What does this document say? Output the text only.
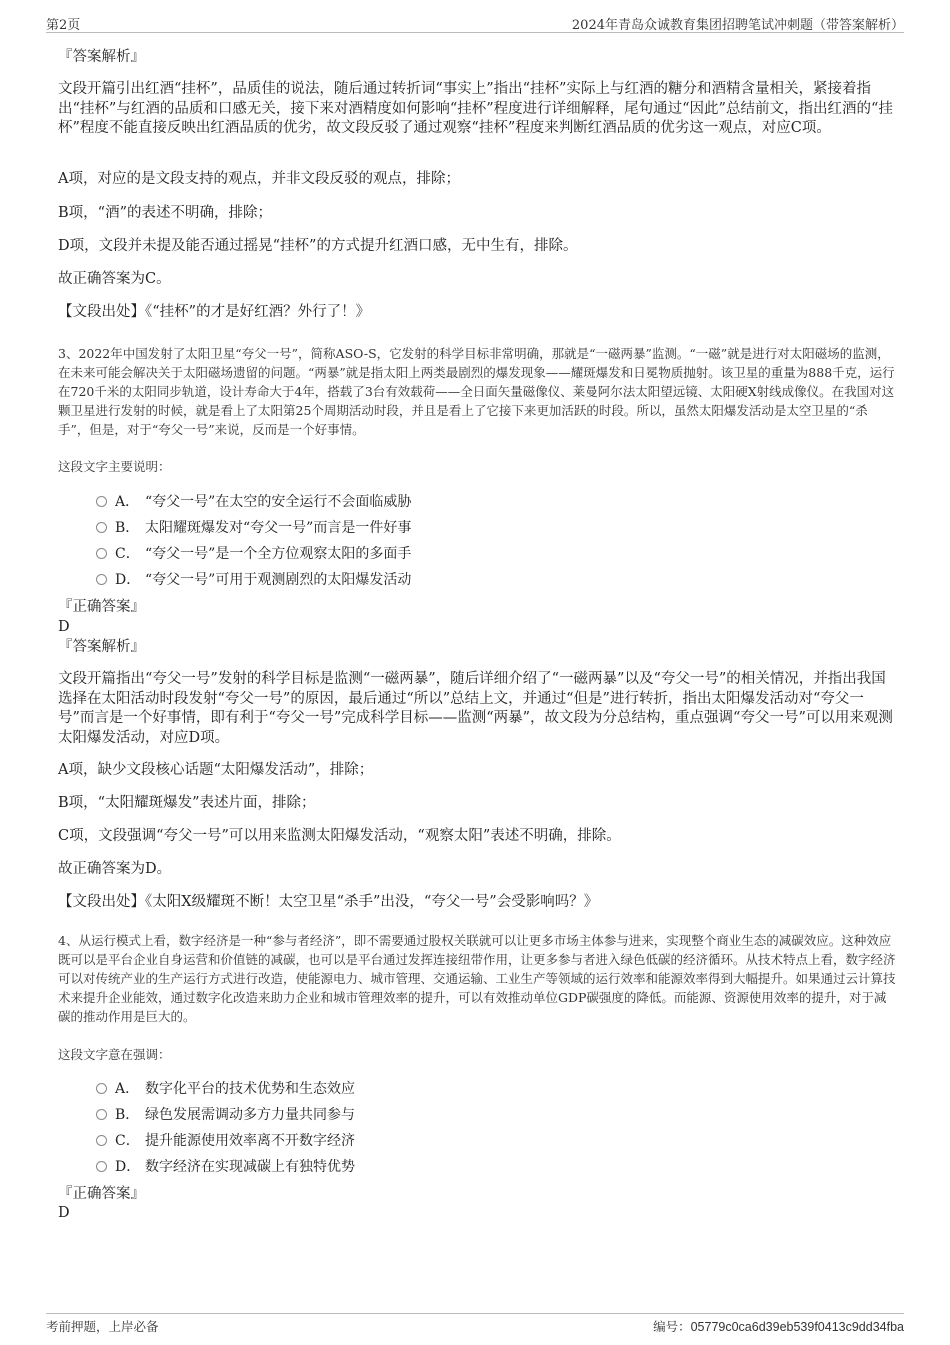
第2页	2024年青岛众诚教育集团招聘笔试冲刺题（带答案解析）
『答案解析』
文段开篇引出红酒“挂杯”，品质佳的说法，随后通过转折词“事实上”指出“挂杯”实际上与红酒的糖分和酒精含量相关，紧接着指出“挂杯”与红酒的品质和口感无关，接下来对酒精度如何影响“挂杯”程度进行详细解释，尾句通过“因此”总结前文，指出红酒的“挂杯”程度不能直接反映出红酒品质的优劣，故文段反驳了通过观察“挂杯”程度来判断红酒品质的优劣这一观点，对应C项。
A项，对应的是文段支持的观点，并非文段反驳的观点，排除；
B项，“酒”的表述不明确，排除；
D项，文段并未提及能否通过摇晃“挂杯”的方式提升红酒口感，无中生有，排除。
故正确答案为C。
【文段出处】《“挂杯”的才是好红酒？外行了！》
3、2022年中国发射了太阳卫星“夸父一号”，简称ASO-S，它发射的科学目标非常明确，那就是“一磁两暴”监测。“一磁”就是进行对太阳磁场的监测，在未来可能会解决关于太阳磁场遗留的问题。“两暴”就是指太阳上两类最剧烈的爆发现象——耀斑爆发和日冕物质抛射。该卫星的重量为888千克，运行在720千米的太阳同步轨道，设计寿命大于4年，搭载了3台有效载荷——全日面矢量磁像仪、莱曼阿尔法太阳望远镜、太阳硬X射线成像仪。在我国对这颗卫星进行发射的时候，就是看上了太阳第25个周期活动时段，并且是看上了它接下来更加活跃的时段。所以，虽然太阳爆发活动是太空卫星的“杀手”，但是，对于“夸父一号”来说，反而是一个好事情。
这段文字主要说明：
A． “夸父一号”在太空的安全运行不会面临威胁
B． 太阳耀斑爆发对“夸父一号”而言是一件好事
C． “夸父一号”是一个全方位观察太阳的多面手
D． “夸父一号”可用于观测剧烈的太阳爆发活动
『正确答案』
D
『答案解析』
文段开篇指出“夸父一号”发射的科学目标是监测“一磁两暴”，随后详细介绍了“一磁两暴”以及“夸父一号”的相关情况，并指出我国选择在太阳活动时段发射“夸父一号”的原因，最后通过“所以”总结上文，并通过“但是”进行转折，指出太阳爆发活动对“夸父一号”而言是一个好事情，即有利于“夸父一号”完成科学目标——监测“两暴”，故文段为分总结构，重点强调“夸父一号”可以用来观测太阳爆发活动，对应D项。
A项，缺少文段核心话题“太阳爆发活动”，排除；
B项，“太阳耀斑爆发”表述片面，排除；
C项，文段强调“夸父一号”可以用来监测太阳爆发活动，“观察太阳”表述不明确，排除。
故正确答案为D。
【文段出处】《太阳X级耀斑不断！太空卫星“杀手”出没，“夸父一号”会受影响吗？》
4、从运行模式上看，数字经济是一种“参与者经济”，即不需要通过股权关联就可以让更多市场主体参与进来，实现整个商业生态的减碳效应。这种效应既可以是平台企业自身运营和价值链的减碳，也可以是平台通过发挥连接纽带作用，让更多参与者进入绿色低碳的经济循环。从技术特点上看，数字经济可以对传统产业的生产运行方式进行改造，使能源电力、城市管理、交通运输、工业生产等领域的运行效率和能源效率得到大幅提升。如果通过云计算技术来提升企业能效，通过数字化改造来助力企业和城市管理效率的提升，可以有效推动单位GDP碳强度的降低。而能源、资源使用效率的提升，对于减碳的推动作用是巨大的。
这段文字意在强调：
A． 数字化平台的技术优势和生态效应
B． 绿色发展需调动多方力量共同参与
C． 提升能源使用效率离不开数字经济
D． 数字经济在实现减碳上有独特优势
『正确答案』
D
考前押题，上岸必备	编号：05779c0ca6d39eb539f0413c9dd34fba
